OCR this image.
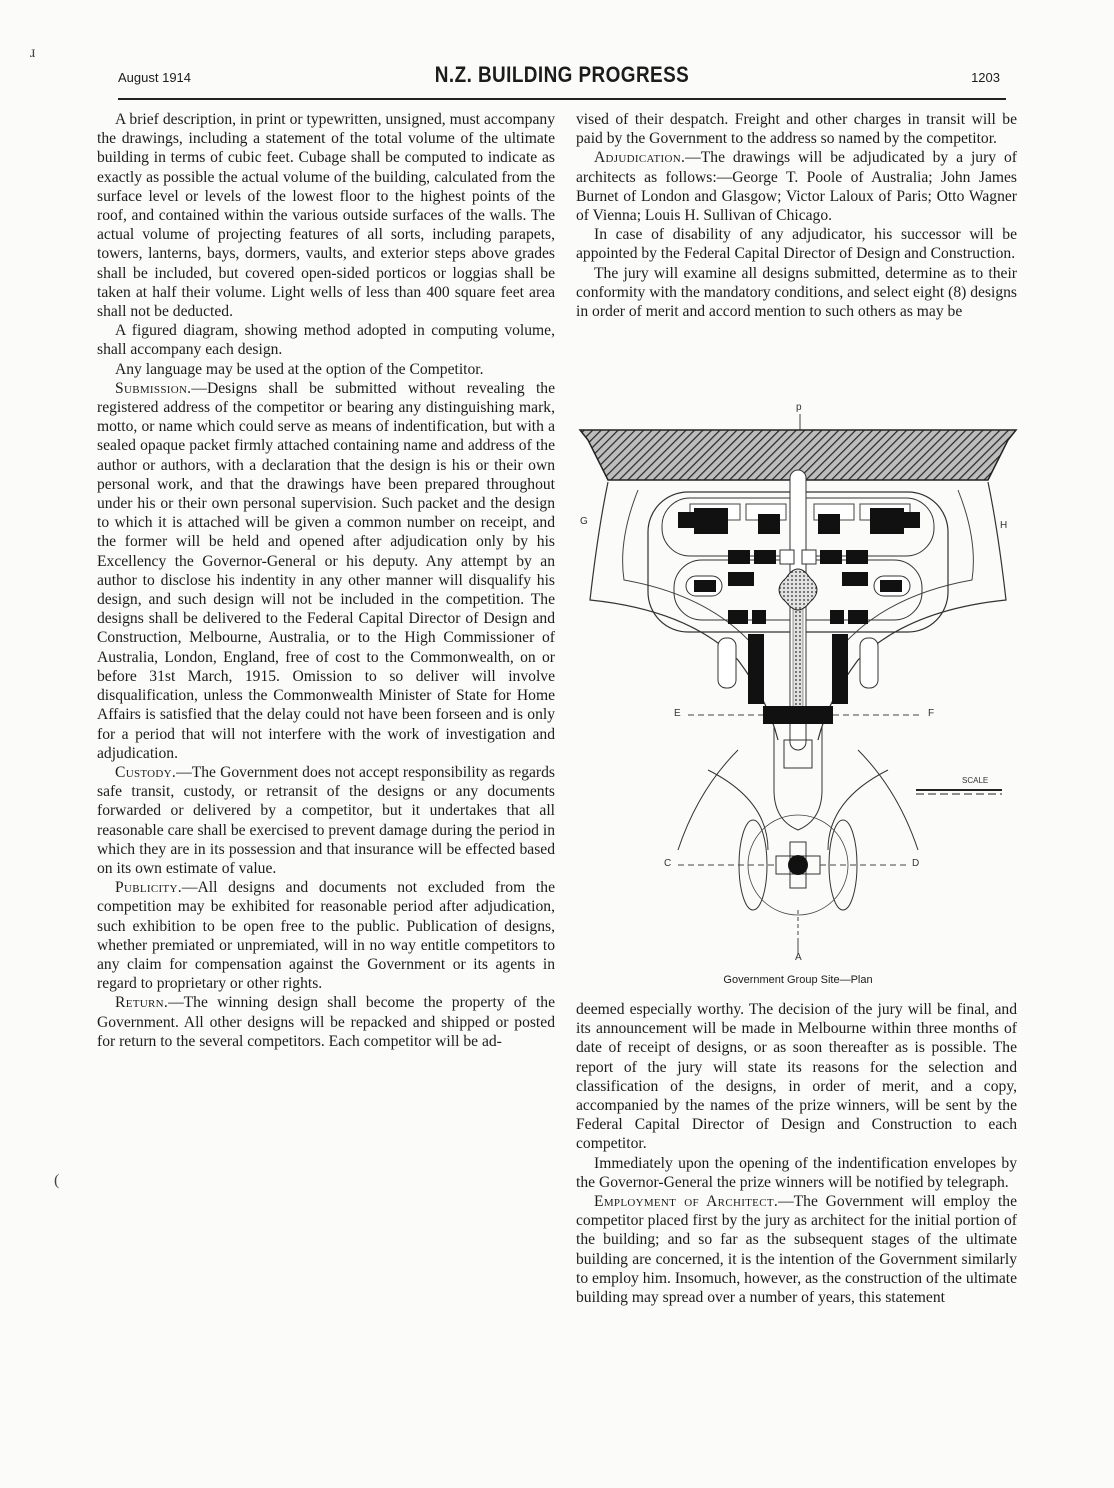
ɹ
(
August 1914	N.Z. BUILDING PROGRESS	1203

A brief description, in print or typewritten, unsigned, must accompany the drawings, including a statement of the total volume of the ultimate building in terms of cubic feet. Cubage shall be computed to indicate as exactly as possible the actual volume of the building, calculated from the surface level or levels of the lowest floor to the highest points of the roof, and contained within the various outside surfaces of the walls. The actual volume of projecting features of all sorts, including parapets, towers, lanterns, bays, dormers, vaults, and exterior steps above grades shall be included, but covered open-sided porticos or loggias shall be taken at half their volume. Light wells of less than 400 square feet area shall not be deducted.

A figured diagram, showing method adopted in computing volume, shall accompany each design.

Any language may be used at the option of the Competitor.

Submission.—Designs shall be submitted without revealing the registered address of the competitor or bearing any distinguishing mark, motto, or name which could serve as means of indentification, but with a sealed opaque packet firmly attached containing name and address of the author or authors, with a declaration that the design is his or their own personal work, and that the drawings have been prepared throughout under his or their own personal supervision. Such packet and the design to which it is attached will be given a common number on receipt, and the former will be held and opened after adjudication only by his Excellency the Governor-General or his deputy. Any attempt by an author to disclose his indentity in any other manner will disqualify his design, and such design will not be included in the competition. The designs shall be delivered to the Federal Capital Director of Design and Construction, Melbourne, Australia, or to the High Commissioner of Australia, London, England, free of cost to the Commonwealth, on or before 31st March, 1915. Omission to so deliver will involve disqualification, unless the Commonwealth Minister of State for Home Affairs is satisfied that the delay could not have been forseen and is only for a period that will not interfere with the work of investigation and adjudication.

Custody.—The Government does not accept responsibility as regards safe transit, custody, or retransit of the designs or any documents forwarded or delivered by a competitor, but it undertakes that all reasonable care shall be exercised to prevent damage during the period in which they are in its possession and that insurance will be effected based on its own estimate of value.

Publicity.—All designs and documents not excluded from the competition may be exhibited for reasonable period after adjudication, such exhibition to be open free to the public. Publication of designs, whether premiated or unpremiated, will in no way entitle competitors to any claim for compensation against the Government or its agents in regard to proprietary or other rights.

Return.—The winning design shall become the property of the Government. All other designs will be repacked and shipped or posted for return to the several competitors. Each competitor will be ad-

vised of their despatch. Freight and other charges in transit will be paid by the Government to the address so named by the competitor.

Adjudication.—The drawings will be adjudicated by a jury of architects as follows:—George T. Poole of Australia; John James Burnet of London and Glasgow; Victor Laloux of Paris; Otto Wagner of Vienna; Louis H. Sullivan of Chicago.

In case of disability of any adjudicator, his successor will be appointed by the Federal Capital Director of Design and Construction.

The jury will examine all designs submitted, determine as to their conformity with the mandatory conditions, and select eight (8) designs in order of merit and accord mention to such others as may be

p
G	H
E	F
C	D
A
SCALE
Government Group Site—Plan

deemed especially worthy. The decision of the jury will be final, and its announcement will be made in Melbourne within three months of date of receipt of designs, or as soon thereafter as is possible. The report of the jury will state its reasons for the selection and classification of the designs, in order of merit, and a copy, accompanied by the names of the prize winners, will be sent by the Federal Capital Director of Design and Construction to each competitor.

Immediately upon the opening of the indentification envelopes by the Governor-General the prize winners will be notified by telegraph.

Employment of Architect.—The Government will employ the competitor placed first by the jury as architect for the initial portion of the building; and so far as the subsequent stages of the ultimate building are concerned, it is the intention of the Government similarly to employ him. Insomuch, however, as the construction of the ultimate building may spread over a number of years, this statement
